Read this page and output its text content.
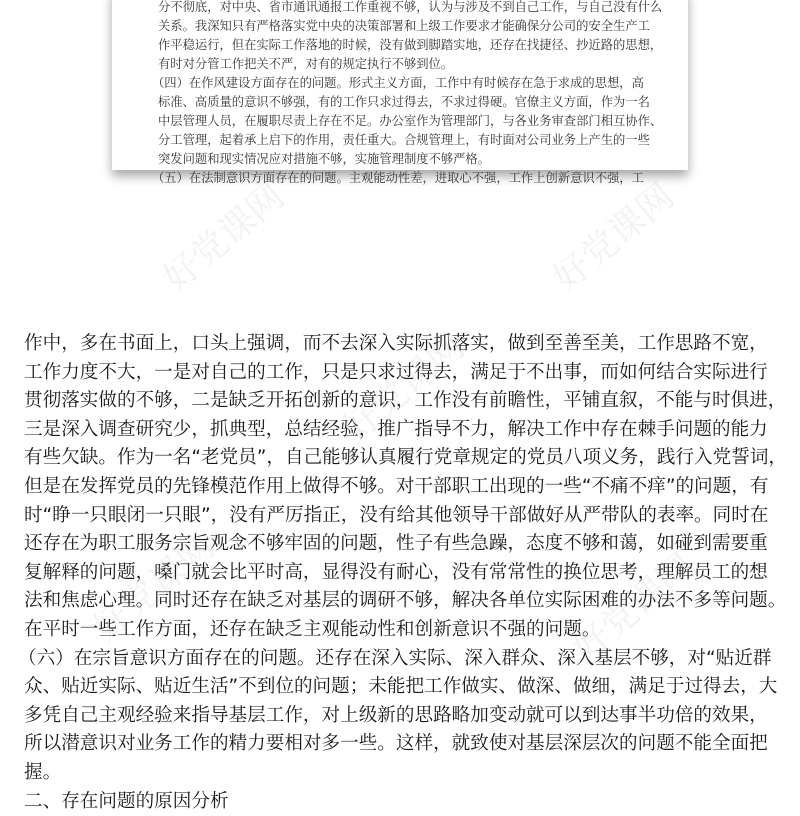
分不彻底，对中央、省市通讯通报工作重视不够，认为与涉及不到自己工作，与自己没有什么
关系。我深知只有严格落实党中央的决策部署和上级工作要求才能确保分公司的安全生产工
作平稳运行，但在实际工作落地的时候，没有做到脚踏实地，还存在找捷径、抄近路的思想，
有时对分管工作把关不严，对有的规定执行不够到位。
（四）在作风建设方面存在的问题。形式主义方面，工作中有时候存在急于求成的思想，高
标准、高质量的意识不够强，有的工作只求过得去，不求过得硬。官僚主义方面，作为一名
中层管理人员，在履职尽责上存在不足。办公室作为管理部门，与各业务审查部门相互协作、
分工管理，起着承上启下的作用，责任重大。合规管理上，有时面对公司业务上产生的一些
突发问题和现实情况应对措施不够，实施管理制度不够严格。
（五）在法制意识方面存在的问题。主观能动性差，进取心不强，工作上创新意识不强，工
作中，多在书面上，口头上强调，而不去深入实际抓落实，做到至善至美，工作思路不宽，
工作力度不大，一是对自己的工作，只是只求过得去，满足于不出事，而如何结合实际进行
贯彻落实做的不够，二是缺乏开拓创新的意识，工作没有前瞻性，平铺直叙，不能与时俱进，
三是深入调查研究少，抓典型，总结经验，推广指导不力，解决工作中存在棘手问题的能力
有些欠缺。作为一名“老党员”，自己能够认真履行党章规定的党员八项义务，践行入党誓词，
但是在发挥党员的先锋模范作用上做得不够。对干部职工出现的一些“不痛不痒”的问题，有
时“睁一只眼闭一只眼”，没有严厉指正，没有给其他领导干部做好从严带队的表率。同时在
还存在为职工服务宗旨观念不够牢固的问题，性子有些急躁，态度不够和蔼，如碰到需要重
复解释的问题，嗓门就会比平时高，显得没有耐心，没有常常性的换位思考，理解员工的想
法和焦虑心理。同时还存在缺乏对基层的调研不够，解决各单位实际困难的办法不多等问题。
在平时一些工作方面，还存在缺乏主观能动性和创新意识不强的问题。
（六）在宗旨意识方面存在的问题。还存在深入实际、深入群众、深入基层不够，对“贴近群
众、贴近实际、贴近生活”不到位的问题；未能把工作做实、做深、做细，满足于过得去，大
多凭自己主观经验来指导基层工作，对上级新的思路略加变动就可以到达事半功倍的效果，
所以潜意识对业务工作的精力要相对多一些。这样，就致使对基层深层次的问题不能全面把
握。
二、存在问题的原因分析
好党课网	好党课网
好党课网
好党课网	好党课网
